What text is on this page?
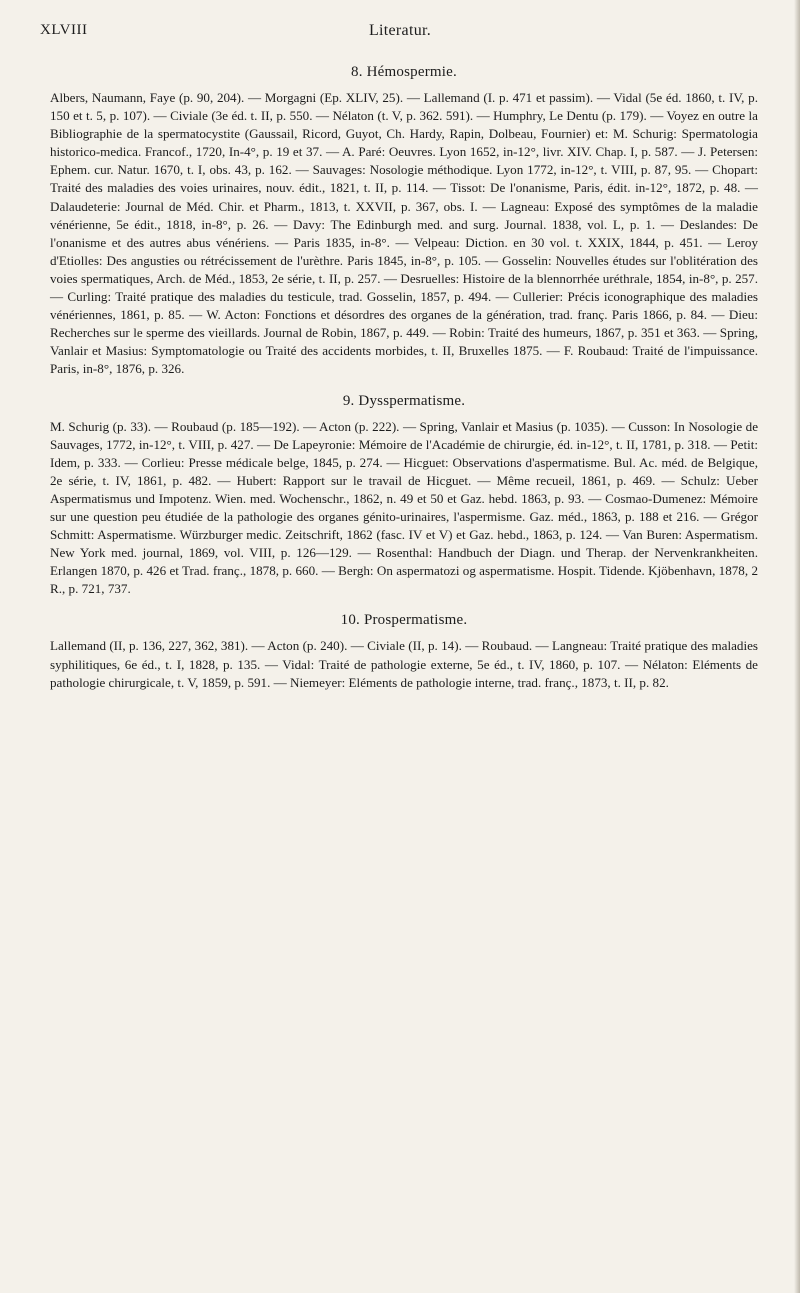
XLVIII	Literatur.
8. Hémospermie.

Albers, Naumann, Faye (p. 90, 204). — Morgagni (Ep. XLIV, 25). — Lallemand (I. p. 471 et passim). — Vidal (5e éd. 1860, t. IV, p. 150 et t. 5, p. 107). — Civiale (3e éd. t. II, p. 550. — Nélaton (t. V, p. 362. 591). — Humphry, Le Dentu (p. 179). — Voyez en outre la Bibliographie de la spermatocystite (Gaussail, Ricord, Guyot, Ch. Hardy, Rapin, Dolbeau, Fournier) et: M. Schurig: Spermatologia historico-medica. Francof., 1720, In-4°, p. 19 et 37. — A. Paré: Oeuvres. Lyon 1652, in-12°, livr. XIV. Chap. I, p. 587. — J. Petersen: Ephem. cur. Natur. 1670, t. I, obs. 43, p. 162. — Sauvages: Nosologie méthodique. Lyon 1772, in-12°, t. VIII, p. 87, 95. — Chopart: Traité des maladies des voies urinaires, nouv. édit., 1821, t. II, p. 114. — Tissot: De l'onanisme, Paris, édit. in-12°, 1872, p. 48. — Dalaudeterie: Journal de Méd. Chir. et Pharm., 1813, t. XXVII, p. 367, obs. I. — Lagneau: Exposé des symptômes de la maladie vénérienne, 5e édit., 1818, in-8°, p. 26. — Davy: The Edinburgh med. and surg. Journal. 1838, vol. L, p. 1. — Deslandes: De l'onanisme et des autres abus vénériens. — Paris 1835, in-8°. — Velpeau: Diction. en 30 vol. t. XXIX, 1844, p. 451. — Leroy d'Etiolles: Des angusties ou rétrécissement de l'urèthre. Paris 1845, in-8°, p. 105. — Gosselin: Nouvelles études sur l'oblitération des voies spermatiques, Arch. de Méd., 1853, 2e série, t. II, p. 257. — Desruelles: Histoire de la blennorrhée uréthrale, 1854, in-8°, p. 257. — Curling: Traité pratique des maladies du testicule, trad. Gosselin, 1857, p. 494. — Cullerier: Précis iconographique des maladies vénériennes, 1861, p. 85. — W. Acton: Fonctions et désordres des organes de la génération, trad. franç. Paris 1866, p. 84. — Dieu: Recherches sur le sperme des vieillards. Journal de Robin, 1867, p. 449. — Robin: Traité des humeurs, 1867, p. 351 et 363. — Spring, Vanlair et Masius: Symptomatologie ou Traité des accidents morbides, t. II, Bruxelles 1875. — F. Roubaud: Traité de l'impuissance. Paris, in-8°, 1876, p. 326.

9. Dysspermatisme.

M. Schurig (p. 33). — Roubaud (p. 185—192). — Acton (p. 222). — Spring, Vanlair et Masius (p. 1035). — Cusson: In Nosologie de Sauvages, 1772, in-12°, t. VIII, p. 427. — De Lapeyronie: Mémoire de l'Académie de chirurgie, éd. in-12°, t. II, 1781, p. 318. — Petit: Idem, p. 333. — Corlieu: Presse médicale belge, 1845, p. 274. — Hicguet: Observations d'aspermatisme. Bul. Ac. méd. de Belgique, 2e série, t. IV, 1861, p. 482. — Hubert: Rapport sur le travail de Hicguet. — Même recueil, 1861, p. 469. — Schulz: Ueber Aspermatismus und Impotenz. Wien. med. Wochenschr., 1862, n. 49 et 50 et Gaz. hebd. 1863, p. 93. — Cosmao-Dumenez: Mémoire sur une question peu étudiée de la pathologie des organes génito-urinaires, l'aspermisme. Gaz. méd., 1863, p. 188 et 216. — Grégor Schmitt: Aspermatisme. Würzburger medic. Zeitschrift, 1862 (fasc. IV et V) et Gaz. hebd., 1863, p. 124. — Van Buren: Aspermatism. New York med. journal, 1869, vol. VIII, p. 126—129. — Rosenthal: Handbuch der Diagn. und Therap. der Nervenkrankheiten. Erlangen 1870, p. 426 et Trad. franç., 1878, p. 660. — Bergh: On aspermatozi og aspermatisme. Hospit. Tidende. Kjöbenhavn, 1878, 2 R., p. 721, 737.

10. Prospermatisme.

Lallemand (II, p. 136, 227, 362, 381). — Acton (p. 240). — Civiale (II, p. 14). — Roubaud. — Langneau: Traité pratique des maladies syphilitiques, 6e éd., t. I, 1828, p. 135. — Vidal: Traité de pathologie externe, 5e éd., t. IV, 1860, p. 107. — Nélaton: Eléments de pathologie chirurgicale, t. V, 1859, p. 591. — Niemeyer: Eléments de pathologie interne, trad. franç., 1873, t. II, p. 82.
